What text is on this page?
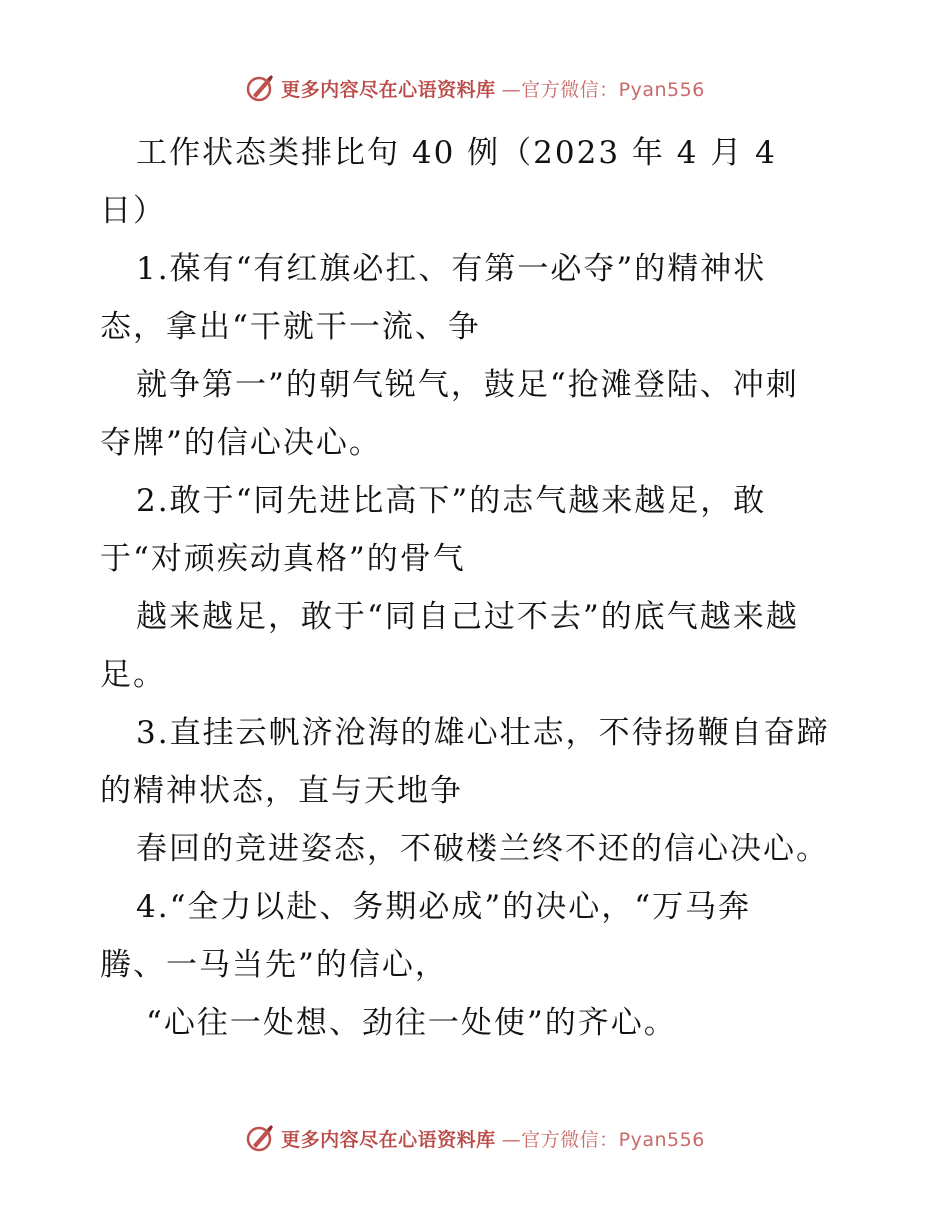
更多内容尽在心语资料库 —官方微信：Pyan556
工作状态类排比句 40 例（2023 年 4 月 4
日）
1.葆有“有红旗必扛、有第一必夺”的精神状
态，拿出“干就干一流、争
就争第一”的朝气锐气，鼓足“抢滩登陆、冲刺
夺牌”的信心决心。
2.敢于“同先进比高下”的志气越来越足，敢
于“对顽疾动真格”的骨气
越来越足，敢于“同自己过不去”的底气越来越
足。
3.直挂云帆济沧海的雄心壮志，不待扬鞭自奋蹄
的精神状态，直与天地争
春回的竞进姿态，不破楼兰终不还的信心决心。
4.“全力以赴、务期必成”的决心，“万马奔
腾、一马当先”的信心，
“心往一处想、劲往一处使”的齐心。
更多内容尽在心语资料库 —官方微信：Pyan556
